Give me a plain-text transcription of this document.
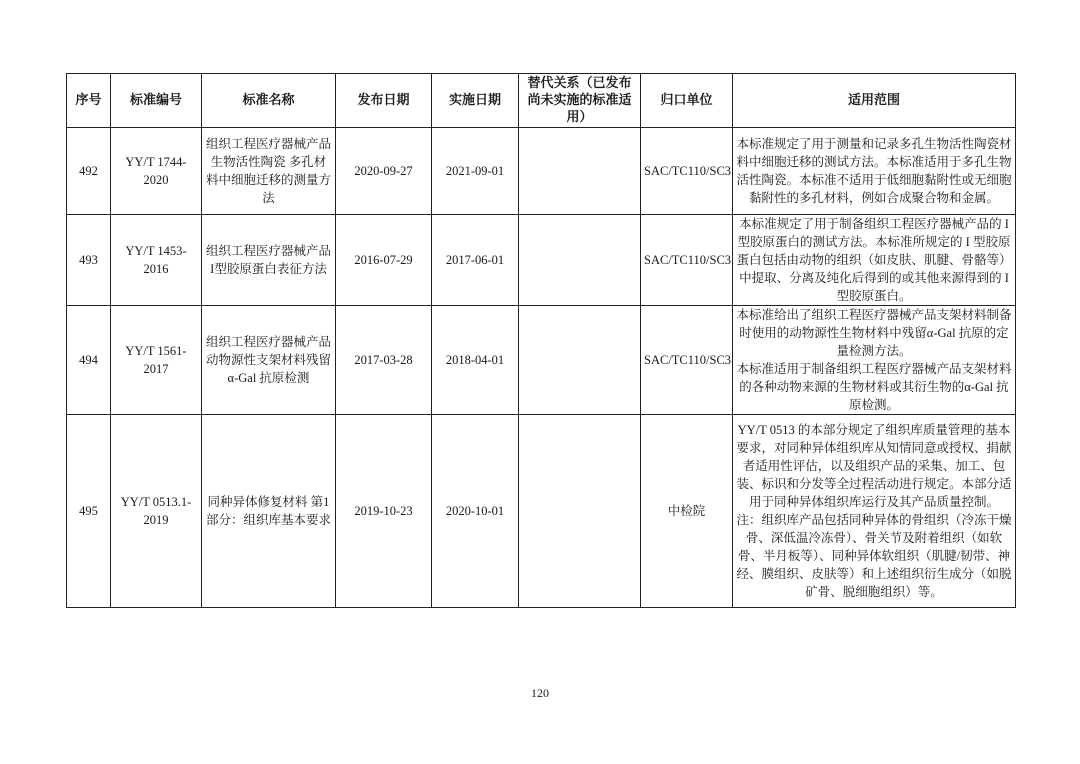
序号	标准编号	标准名称	发布日期	实施日期	替代关系（已发布尚未实施的标准适用）	归口单位	适用范围
492	YY/T 1744-2020	组织工程医疗器械产品 生物活性陶瓷 多孔材料中细胞迁移的测量方法	2020-09-27	2021-09-01		SAC/TC110/SC3	本标准规定了用于测量和记录多孔生物活性陶瓷材料中细胞迁移的测试方法。本标准适用于多孔生物活性陶瓷。本标准不适用于低细胞黏附性或无细胞黏附性的多孔材料，例如合成聚合物和金属。

493	YY/T 1453-2016	组织工程医疗器械产品 I型胶原蛋白表征方法	2016-07-29	2017-06-01		SAC/TC110/SC3	本标准规定了用于制备组织工程医疗器械产品的 I 型胶原蛋白的测试方法。本标准所规定的 I 型胶原蛋白包括由动物的组织（如皮肤、肌腱、骨骼等）中提取、分离及纯化后得到的或其他来源得到的 I 型胶原蛋白。

494	YY/T 1561-2017	组织工程医疗器械产品 动物源性支架材料残留α-Gal 抗原检测	2017-03-28	2018-04-01		SAC/TC110/SC3	本标准给出了组织工程医疗器械产品支架材料制备时使用的动物源性生物材料中残留α-Gal 抗原的定量检测方法。
本标准适用于制备组织工程医疗器械产品支架材料的各种动物来源的生物材料或其衍生物的α-Gal 抗原检测。

495	YY/T 0513.1-2019	同种异体修复材料 第1部分：组织库基本要求	2019-10-23	2020-10-01		中检院	YY/T 0513 的本部分规定了组织库质量管理的基本要求，对同种异体组织库从知情同意或授权、捐献者适用性评估，以及组织产品的采集、加工、包装、标识和分发等全过程活动进行规定。本部分适用于同种异体组织库运行及其产品质量控制。
注：组织库产品包括同种异体的骨组织（冷冻干燥骨、深低温冷冻骨）、骨关节及附着组织（如软骨、半月板等）、同种异体软组织（肌腱/韧带、神经、膜组织、皮肤等）和上述组织衍生成分（如脱矿骨、脱细胞组织）等。
120
